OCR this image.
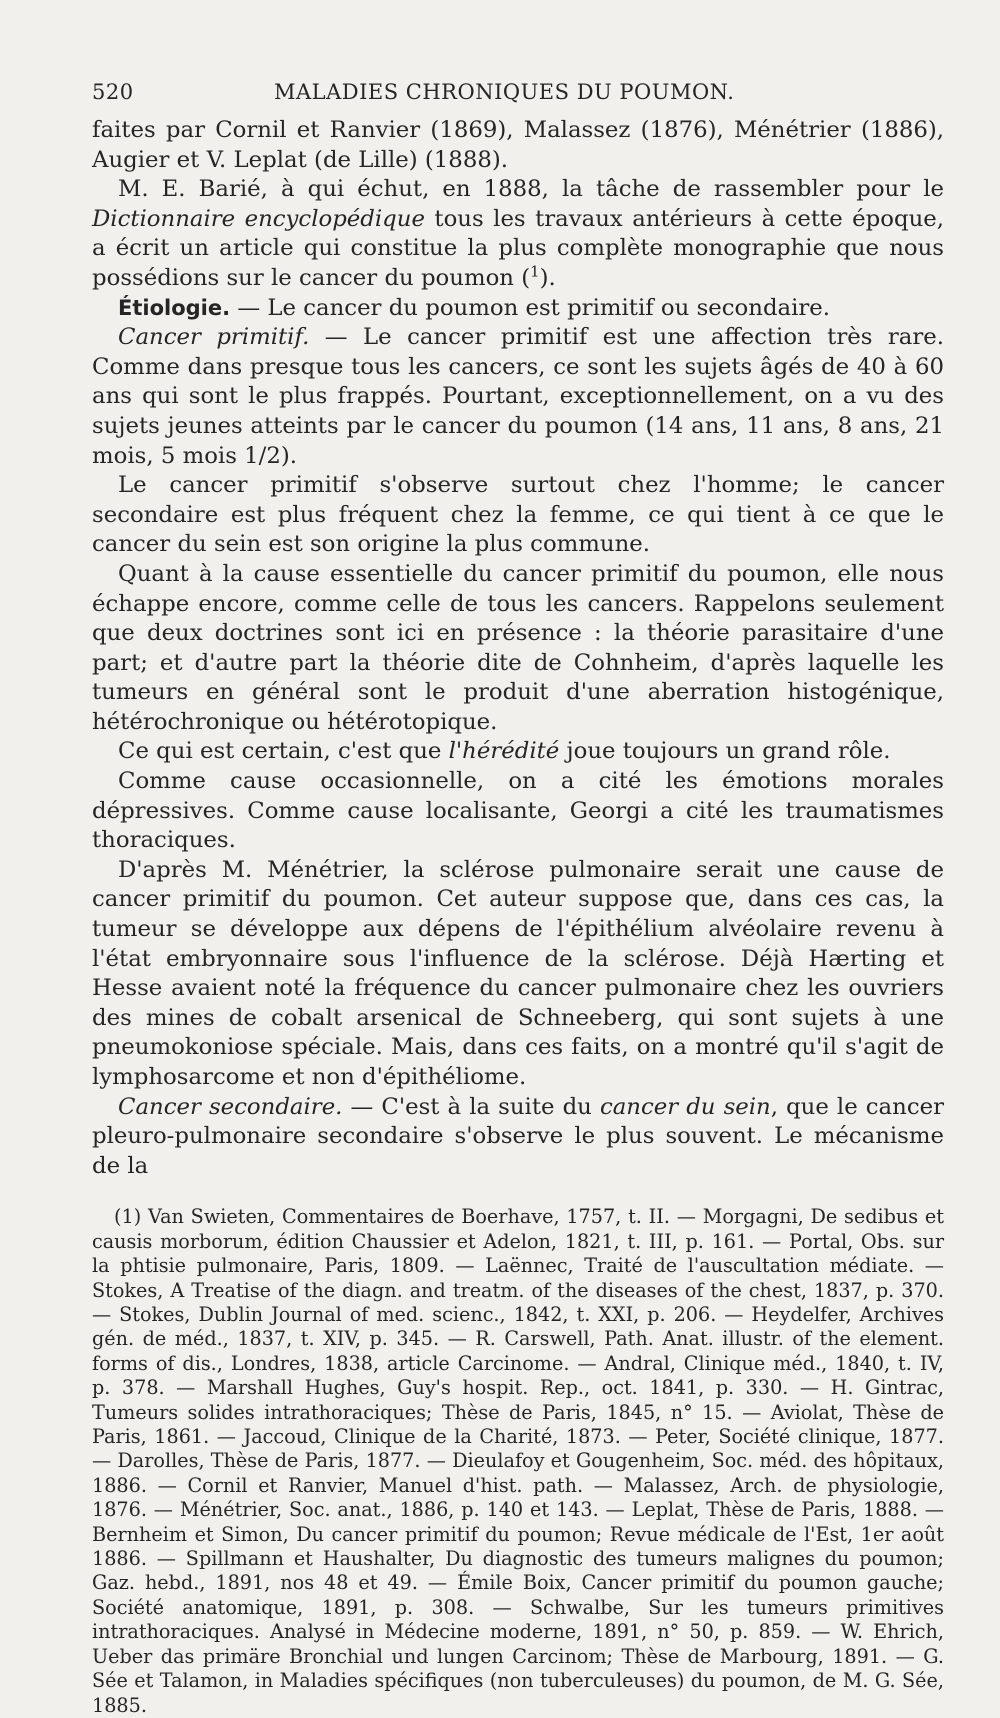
520	MALADIES CHRONIQUES DU POUMON.

faites par Cornil et Ranvier (1869), Malassez (1876), Ménétrier (1886), Augier et V. Leplat (de Lille) (1888).

M. E. Barié, à qui échut, en 1888, la tâche de rassembler pour le Dictionnaire encyclopédique tous les travaux antérieurs à cette époque, a écrit un article qui constitue la plus complète monographie que nous possédions sur le cancer du poumon ($^1$).

Étiologie. — Le cancer du poumon est primitif ou secondaire.

Cancer primitif. — Le cancer primitif est une affection très rare. Comme dans presque tous les cancers, ce sont les sujets âgés de 40 à 60 ans qui sont le plus frappés. Pourtant, exceptionnellement, on a vu des sujets jeunes atteints par le cancer du poumon (14 ans, 11 ans, 8 ans, 21 mois, 5 mois 1/2).

Le cancer primitif s'observe surtout chez l'homme; le cancer secondaire est plus fréquent chez la femme, ce qui tient à ce que le cancer du sein est son origine la plus commune.

Quant à la cause essentielle du cancer primitif du poumon, elle nous échappe encore, comme celle de tous les cancers. Rappelons seulement que deux doctrines sont ici en présence : la théorie parasitaire d'une part; et d'autre part la théorie dite de Cohnheim, d'après laquelle les tumeurs en général sont le produit d'une aberration histogénique, hétérochronique ou hétérotopique.

Ce qui est certain, c'est que l'hérédité joue toujours un grand rôle.

Comme cause occasionnelle, on a cité les émotions morales dépressives. Comme cause localisante, Georgi a cité les traumatismes thoraciques.

D'après M. Ménétrier, la sclérose pulmonaire serait une cause de cancer primitif du poumon. Cet auteur suppose que, dans ces cas, la tumeur se développe aux dépens de l'épithélium alvéolaire revenu à l'état embryonnaire sous l'influence de la sclérose. Déjà Hærting et Hesse avaient noté la fréquence du cancer pulmonaire chez les ouvriers des mines de cobalt arsenical de Schneeberg, qui sont sujets à une pneumokoniose spéciale. Mais, dans ces faits, on a montré qu'il s'agit de lymphosarcome et non d'épithéliome.

Cancer secondaire. — C'est à la suite du cancer du sein, que le cancer pleuro-pulmonaire secondaire s'observe le plus souvent. Le mécanisme de la

(1) Van Swieten, Commentaires de Boerhave, 1757, t. II. — Morgagni, De sedibus et causis morborum, édition Chaussier et Adelon, 1821, t. III, p. 161. — Portal, Obs. sur la phtisie pulmonaire, Paris, 1809. — Laënnec, Traité de l'auscultation médiate. — Stokes, A Treatise of the diagn. and treatm. of the diseases of the chest, 1837, p. 370. — Stokes, Dublin Journal of med. scienc., 1842, t. XXI, p. 206. — Heydelfer, Archives gén. de méd., 1837, t. XIV, p. 345. — R. Carswell, Path. Anat. illustr. of the element. forms of dis., Londres, 1838, article Carcinome. — Andral, Clinique méd., 1840, t. IV, p. 378. — Marshall Hughes, Guy's hospit. Rep., oct. 1841, p. 330. — H. Gintrac, Tumeurs solides intrathoraciques; Thèse de Paris, 1845, n° 15. — Aviolat, Thèse de Paris, 1861. — Jaccoud, Clinique de la Charité, 1873. — Peter, Société clinique, 1877. — Darolles, Thèse de Paris, 1877. — Dieulafoy et Gougenheim, Soc. méd. des hôpitaux, 1886. — Cornil et Ranvier, Manuel d'hist. path. — Malassez, Arch. de physiologie, 1876. — Ménétrier, Soc. anat., 1886, p. 140 et 143. — Leplat, Thèse de Paris, 1888. — Bernheim et Simon, Du cancer primitif du poumon; Revue médicale de l'Est, 1er août 1886. — Spillmann et Haushalter, Du diagnostic des tumeurs malignes du poumon; Gaz. hebd., 1891, nos 48 et 49. — Émile Boix, Cancer primitif du poumon gauche; Société anatomique, 1891, p. 308. — Schwalbe, Sur les tumeurs primitives intrathoraciques. Analysé in Médecine moderne, 1891, n° 50, p. 859. — W. Ehrich, Ueber das primäre Bronchial und lungen Carcinom; Thèse de Marbourg, 1891. — G. Sée et Talamon, in Maladies spécifiques (non tuberculeuses) du poumon, de M. G. Sée, 1885.
